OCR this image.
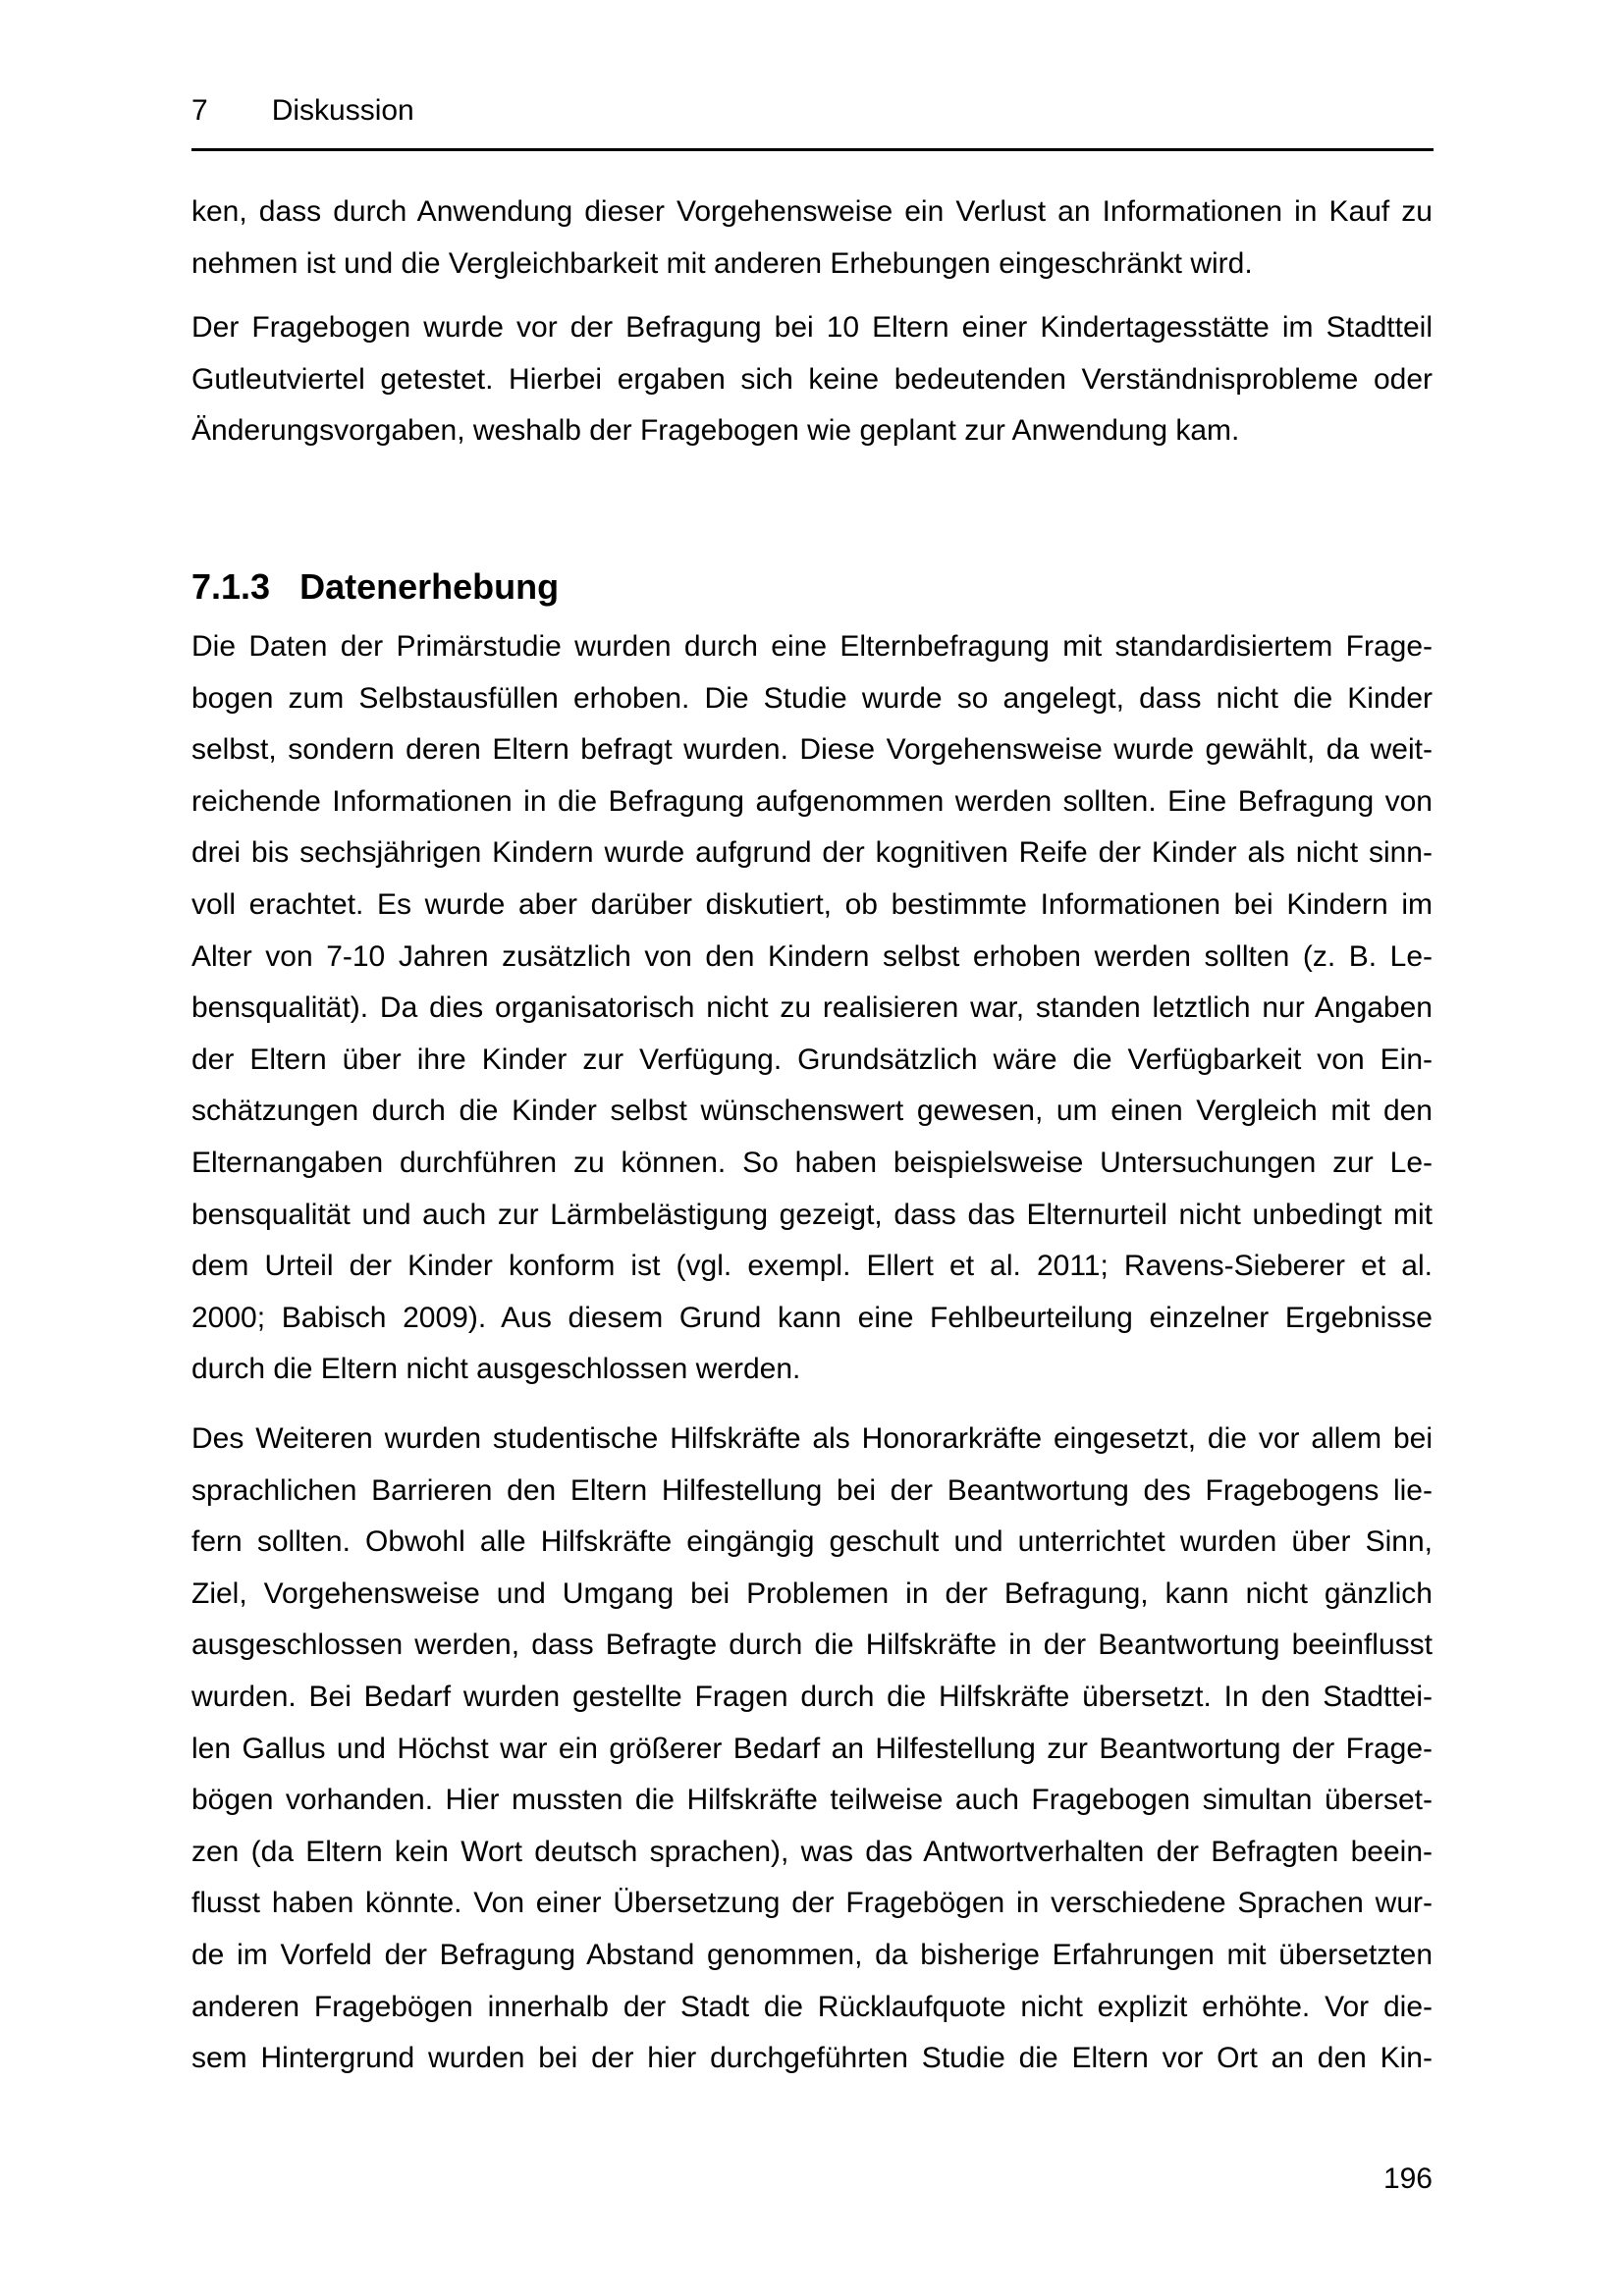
7 Diskussion
ken, dass durch Anwendung dieser Vorgehensweise ein Verlust an Informationen in Kauf zu
nehmen ist und die Vergleichbarkeit mit anderen Erhebungen eingeschränkt wird.
Der Fragebogen wurde vor der Befragung bei 10 Eltern einer Kindertagesstätte im Stadtteil
Gutleutviertel getestet. Hierbei ergaben sich keine bedeutenden Verständnisprobleme oder
Änderungsvorgaben, weshalb der Fragebogen wie geplant zur Anwendung kam.
7.1.3 Datenerhebung
Die Daten der Primärstudie wurden durch eine Elternbefragung mit standardisiertem Frage-
bogen zum Selbstausfüllen erhoben. Die Studie wurde so angelegt, dass nicht die Kinder
selbst, sondern deren Eltern befragt wurden. Diese Vorgehensweise wurde gewählt, da weit-
reichende Informationen in die Befragung aufgenommen werden sollten. Eine Befragung von
drei bis sechsjährigen Kindern wurde aufgrund der kognitiven Reife der Kinder als nicht sinn-
voll erachtet. Es wurde aber darüber diskutiert, ob bestimmte Informationen bei Kindern im
Alter von 7-10 Jahren zusätzlich von den Kindern selbst erhoben werden sollten (z. B. Le-
bensqualität). Da dies organisatorisch nicht zu realisieren war, standen letztlich nur Angaben
der Eltern über ihre Kinder zur Verfügung. Grundsätzlich wäre die Verfügbarkeit von Ein-
schätzungen durch die Kinder selbst wünschenswert gewesen, um einen Vergleich mit den
Elternangaben durchführen zu können. So haben beispielsweise Untersuchungen zur Le-
bensqualität und auch zur Lärmbelästigung gezeigt, dass das Elternurteil nicht unbedingt mit
dem Urteil der Kinder konform ist (vgl. exempl. Ellert et al. 2011; Ravens-Sieberer et al.
2000; Babisch 2009). Aus diesem Grund kann eine Fehlbeurteilung einzelner Ergebnisse
durch die Eltern nicht ausgeschlossen werden.
Des Weiteren wurden studentische Hilfskräfte als Honorarkräfte eingesetzt, die vor allem bei
sprachlichen Barrieren den Eltern Hilfestellung bei der Beantwortung des Fragebogens lie-
fern sollten. Obwohl alle Hilfskräfte eingängig geschult und unterrichtet wurden über Sinn,
Ziel, Vorgehensweise und Umgang bei Problemen in der Befragung, kann nicht gänzlich
ausgeschlossen werden, dass Befragte durch die Hilfskräfte in der Beantwortung beeinflusst
wurden. Bei Bedarf wurden gestellte Fragen durch die Hilfskräfte übersetzt. In den Stadttei-
len Gallus und Höchst war ein größerer Bedarf an Hilfestellung zur Beantwortung der Frage-
bögen vorhanden. Hier mussten die Hilfskräfte teilweise auch Fragebogen simultan überset-
zen (da Eltern kein Wort deutsch sprachen), was das Antwortverhalten der Befragten beein-
flusst haben könnte. Von einer Übersetzung der Fragebögen in verschiedene Sprachen wur-
de im Vorfeld der Befragung Abstand genommen, da bisherige Erfahrungen mit übersetzten
anderen Fragebögen innerhalb der Stadt die Rücklaufquote nicht explizit erhöhte. Vor die-
sem Hintergrund wurden bei der hier durchgeführten Studie die Eltern vor Ort an den Kin-
196
